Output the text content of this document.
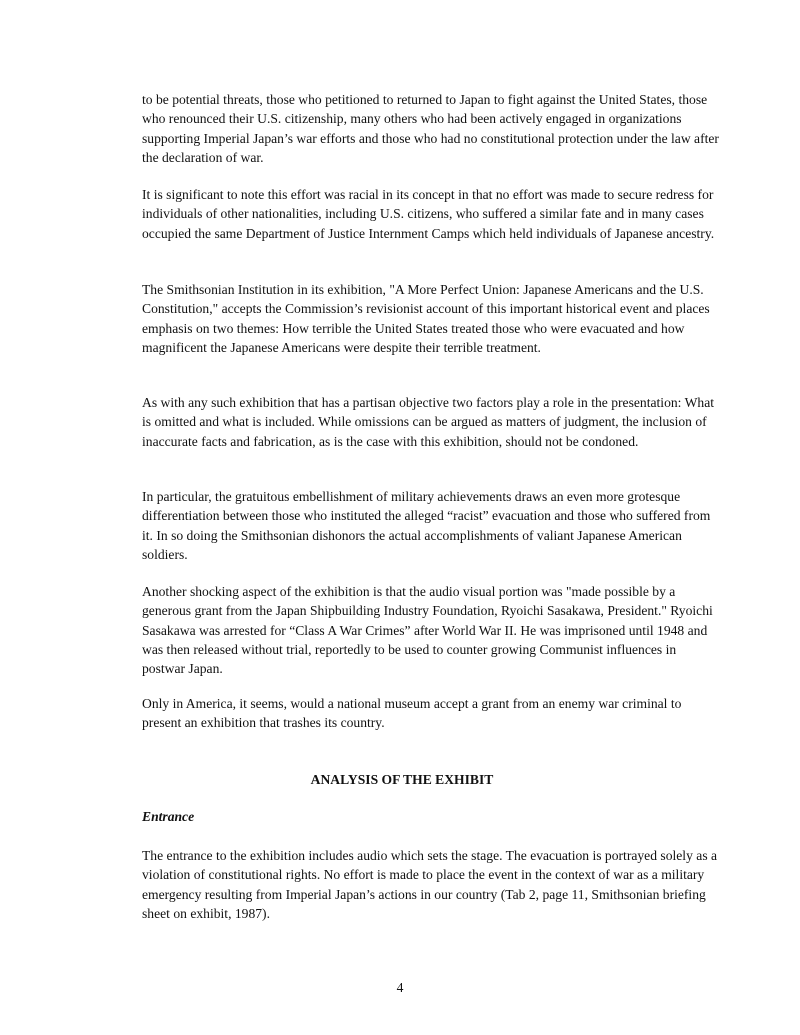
to be potential threats, those who petitioned to returned to Japan to fight against the United States, those who renounced their U.S. citizenship, many others who had been actively engaged in organizations supporting Imperial Japan’s war efforts and those who had no constitutional protection under the law after the declaration of war.

It is significant to note this effort was racial in its concept in that no effort was made to secure redress for individuals of other nationalities, including U.S. citizens, who suffered a similar fate and in many cases occupied the same Department of Justice Internment Camps which held individuals of Japanese ancestry.

The Smithsonian Institution in its exhibition, "A More Perfect Union: Japanese Americans and the U.S. Constitution," accepts the Commission’s revisionist account of this important historical event and places emphasis on two themes: How terrible the United States treated those who were evacuated and how magnificent the Japanese Americans were despite their terrible treatment.

As with any such exhibition that has a partisan objective two factors play a role in the presentation: What is omitted and what is included. While omissions can be argued as matters of judgment, the inclusion of inaccurate facts and fabrication, as is the case with this exhibition, should not be condoned.

In particular, the gratuitous embellishment of military achievements draws an even more grotesque differentiation between those who instituted the alleged “racist” evacuation and those who suffered from it. In so doing the Smithsonian dishonors the actual accomplishments of valiant Japanese American soldiers.

Another shocking aspect of the exhibition is that the audio visual portion was "made possible by a generous grant from the Japan Shipbuilding Industry Foundation, Ryoichi Sasakawa, President." Ryoichi Sasakawa was arrested for “Class A War Crimes” after World War II. He was imprisoned until 1948 and was then released without trial, reportedly to be used to counter growing Communist influences in postwar Japan.

Only in America, it seems, would a national museum accept a grant from an enemy war criminal to present an exhibition that trashes its country.

ANALYSIS OF THE EXHIBIT
Entrance

The entrance to the exhibition includes audio which sets the stage. The evacuation is portrayed solely as a violation of constitutional rights. No effort is made to place the event in the context of war as a military emergency resulting from Imperial Japan’s actions in our country (Tab 2, page 11, Smithsonian briefing sheet on exhibit, 1987).

4
